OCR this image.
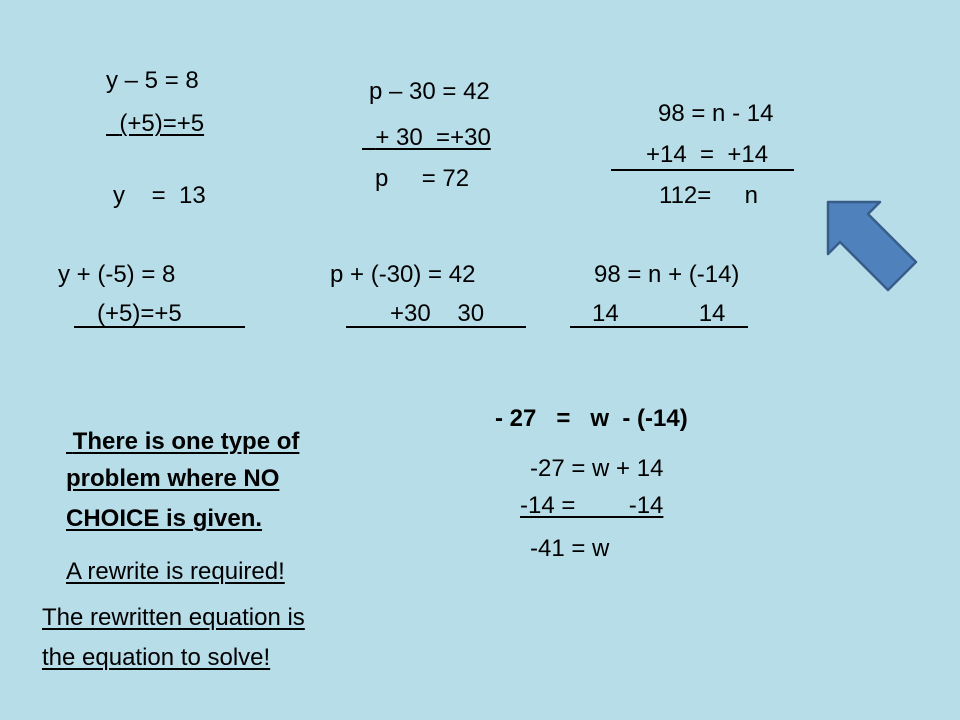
y – 5 = 8
(+5)=+5
y    =  13
p – 30 = 42
+ 30  =+30
p     = 72
98 = n - 14
+14  =  +14
112=     n
y + (-5) = 8
(+5)=+5
p + (-30) = 42
+30    30
98 = n + (-14)
14            14
- 27   =   w  - (-14)
-27 = w + 14
-14 =        -14
-41 = w
There is one type of
problem where NO
CHOICE is given.
A rewrite is required!
The rewritten equation is
the equation to solve!
